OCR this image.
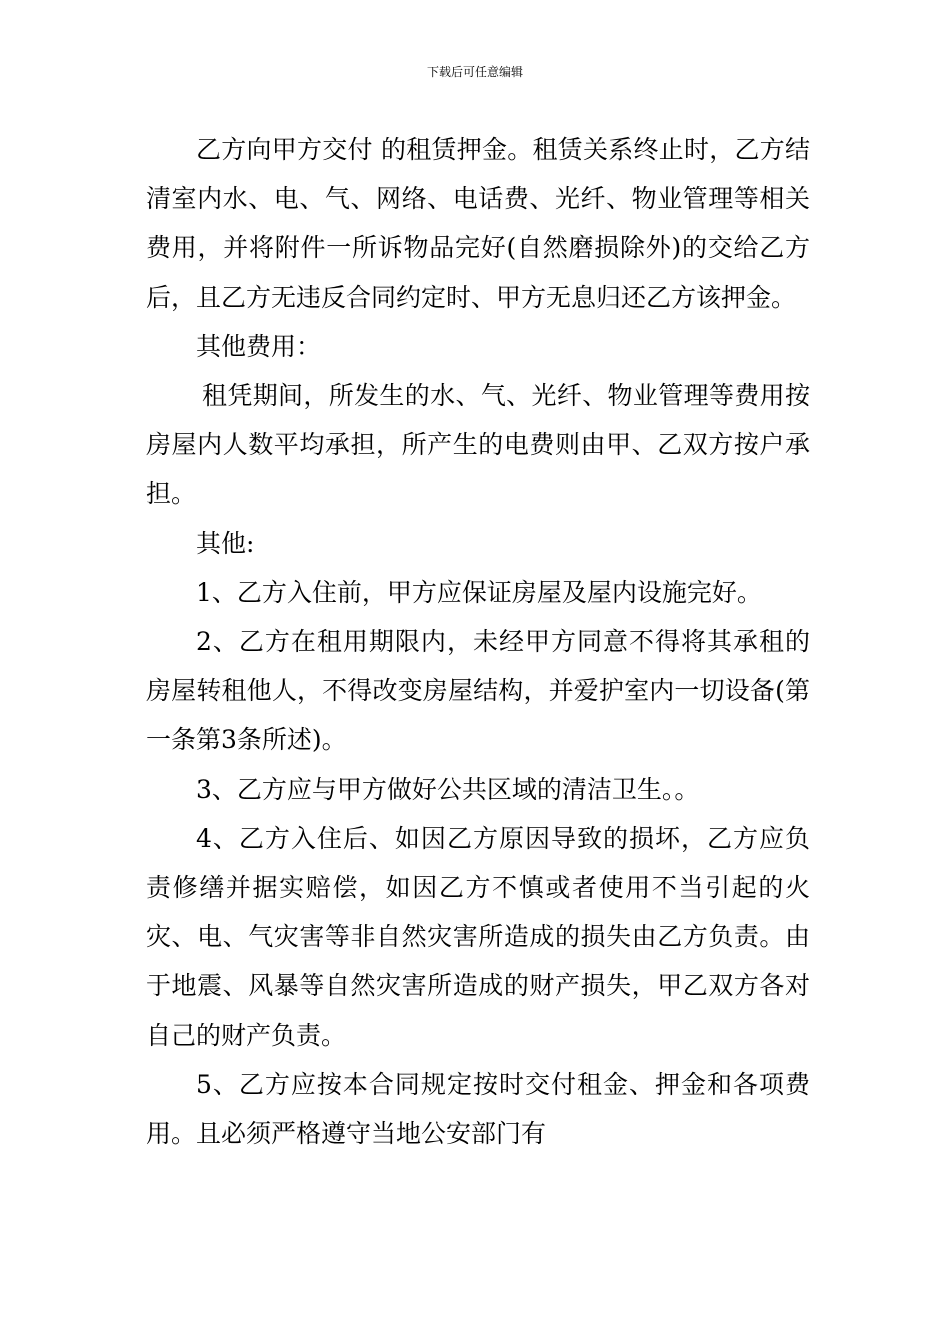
下载后可任意编辑

乙方向甲方交付 的租赁押金。租赁关系终止时，乙方结清室内水、电、气、网络、电话费、光纤、物业管理等相关费用，并将附件一所诉物品完好(自然磨损除外)的交给乙方后，且乙方无违反合同约定时、甲方无息归还乙方该押金。

其他费用：

租凭期间，所发生的水、气、光纤、物业管理等费用按房屋内人数平均承担，所产生的电费则由甲、乙双方按户承担。

其他:

1、乙方入住前，甲方应保证房屋及屋内设施完好。

2、乙方在租用期限内，未经甲方同意不得将其承租的房屋转租他人，不得改变房屋结构，并爱护室内一切设备(第一条第3条所述)。

3、乙方应与甲方做好公共区域的清洁卫生。。

4、乙方入住后、如因乙方原因导致的损坏，乙方应负责修缮并据实赔偿，如因乙方不慎或者使用不当引起的火灾、电、气灾害等非自然灾害所造成的损失由乙方负责。由于地震、风暴等自然灾害所造成的财产损失，甲乙双方各对自己的财产负责。

5、乙方应按本合同规定按时交付租金、押金和各项费用。且必须严格遵守当地公安部门有
